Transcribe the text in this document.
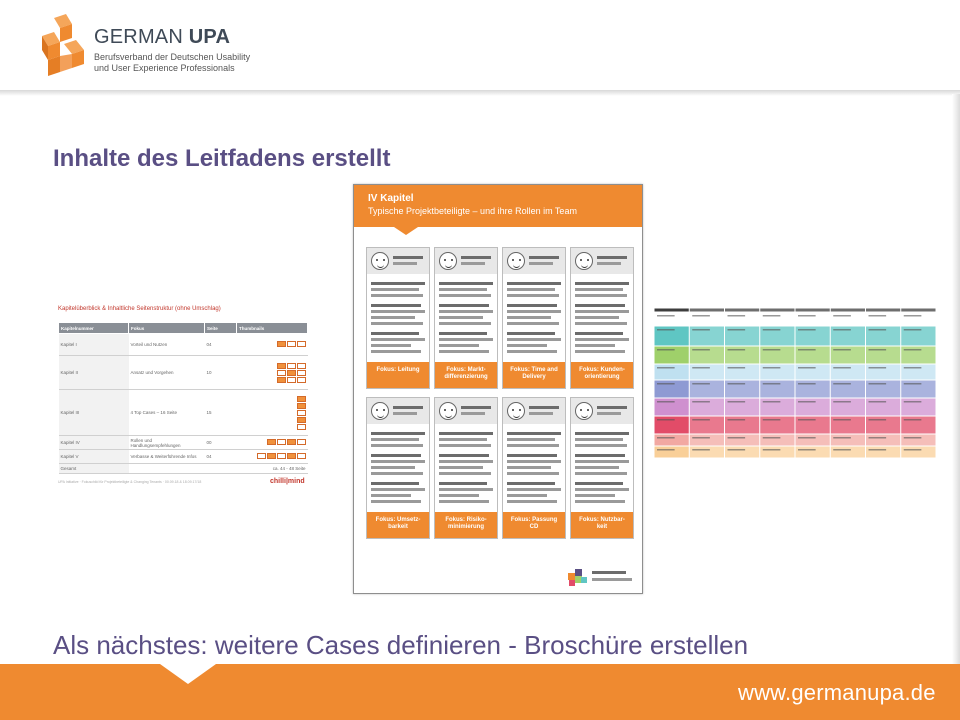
GERMAN UPA
Berufsverband der Deutschen Usability
und User Experience Professionals
Inhalte des Leitfadens erstellt
Kapitelüberblick & Inhaltliche Seitenstruktur (ohne Umschlag)
Kapitelnummer	Fokus	Seite	Thumbnails
Kapitel I	Vorteil und Nutzen	04	

Kapitel II	Ansatz und Vorgehen	10	

Kapitel III	4 Top Cases – 16 Seite	15	

Kapitel IV	Rollen und Handlungsempfehlungen	00	

Kapitel V	Verbasse & Weiterführende Infos	04	

Gesamt		ca. 44 - 48 Seite	
UPA Initiative · Fokuschild für Projektbeteiligte & Changing Tenants · 00.09.18 & 18.09.17/18	chilli|mind
IV Kapitel
Typische Projektbeteiligte – und ihre Rollen im Team
Fokus: Leitung	Fokus: Markt-
differenzierung
Fokus: Time and
Delivery
Fokus: Kunden-
orientierung
Fokus: Umsetz-
barkeit
Fokus: Risiko-
minimierung
Fokus: Passung
CD
Fokus: Nutzbar-
keit
Als nächstes: weitere Cases definieren - Broschüre erstellen
www.germanupa.de
